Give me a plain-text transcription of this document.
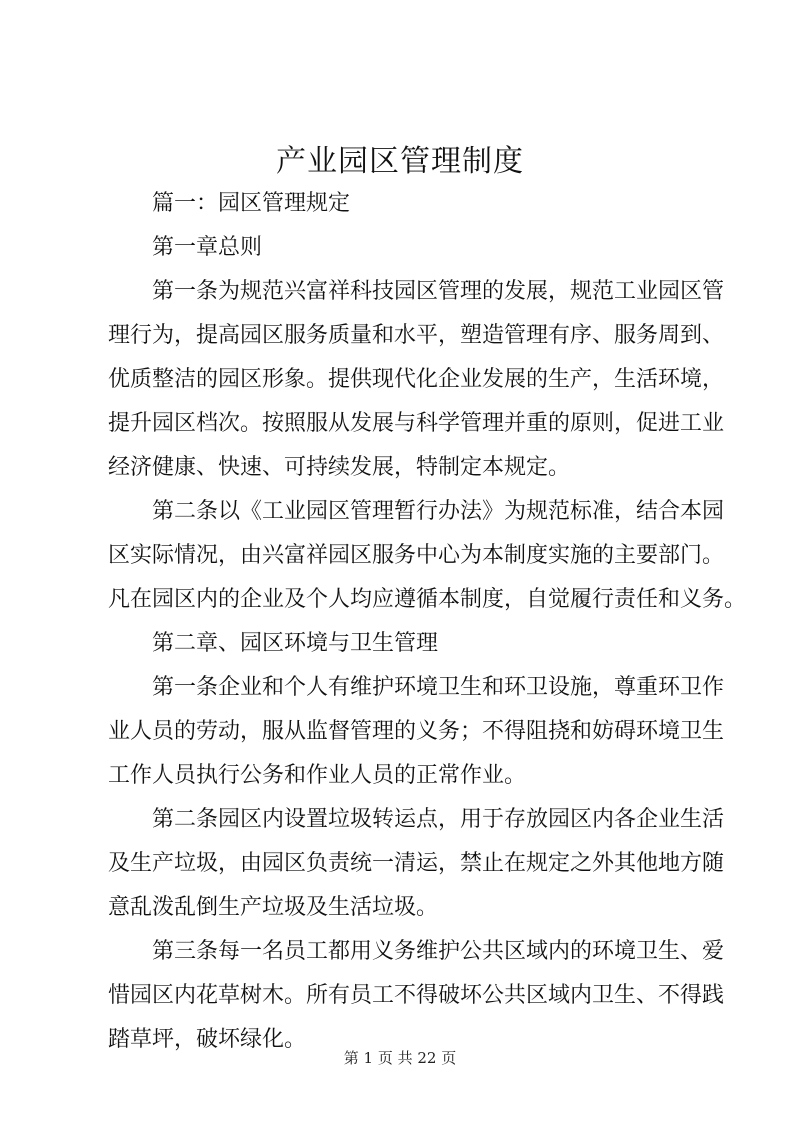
产业园区管理制度
篇一：园区管理规定
第一章总则
第一条为规范兴富祥科技园区管理的发展，规范工业园区管
理行为，提高园区服务质量和水平，塑造管理有序、服务周到、
优质整洁的园区形象。提供现代化企业发展的生产，生活环境，
提升园区档次。按照服从发展与科学管理并重的原则，促进工业
经济健康、快速、可持续发展，特制定本规定。
第二条以《工业园区管理暂行办法》为规范标准，结合本园
区实际情况，由兴富祥园区服务中心为本制度实施的主要部门。
凡在园区内的企业及个人均应遵循本制度，自觉履行责任和义务。
第二章、园区环境与卫生管理
第一条企业和个人有维护环境卫生和环卫设施，尊重环卫作
业人员的劳动，服从监督管理的义务；不得阻挠和妨碍环境卫生
工作人员执行公务和作业人员的正常作业。
第二条园区内设置垃圾转运点，用于存放园区内各企业生活
及生产垃圾，由园区负责统一清运，禁止在规定之外其他地方随
意乱泼乱倒生产垃圾及生活垃圾。
第三条每一名员工都用义务维护公共区域内的环境卫生、爱
惜园区内花草树木。所有员工不得破坏公共区域内卫生、不得践
踏草坪，破坏绿化。
第 1 页 共 22 页
